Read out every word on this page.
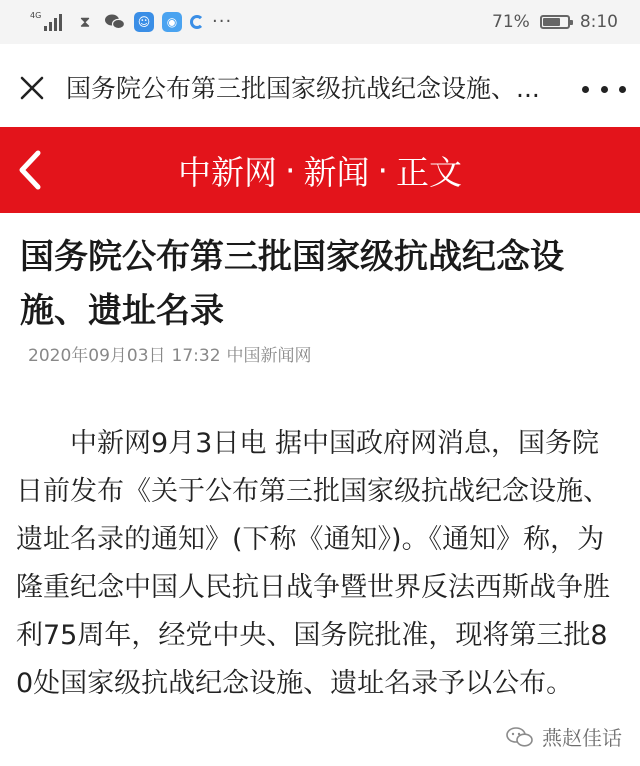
4G	⧗	☺	◉ ···	71%	8:10
国务院公布第三批国家级抗战纪念设施、...
中新网 · 新闻 · 正文
国务院公布第三批国家级抗战纪念设施、遗址名录
2020年09月03日 17:32 中国新闻网
中新网9月3日电 据中国政府网消息，国务院日前发布《关于公布第三批国家级抗战纪念设施、遗址名录的通知》(下称《通知》)。《通知》称，为隆重纪念中国人民抗日战争暨世界反法西斯战争胜利75周年，经党中央、国务院批准，现将第三批80处国家级抗战纪念设施、遗址名录予以公布。
燕赵佳话
